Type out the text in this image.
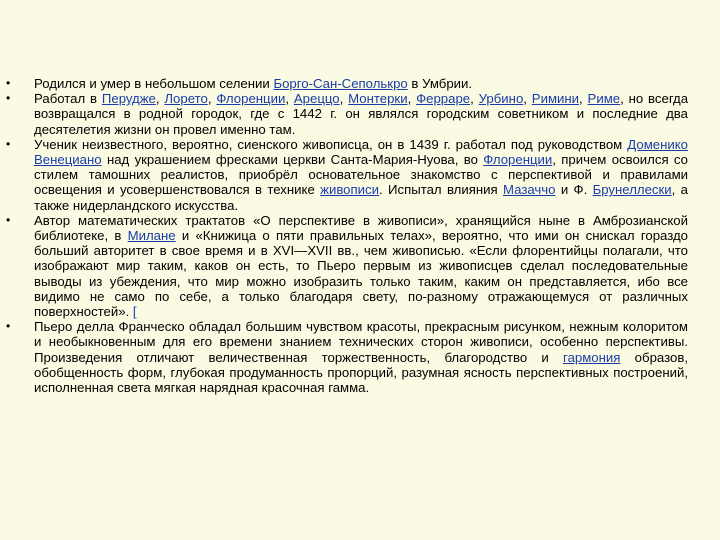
• Родился и умер в небольшом селении Борго-Сан-Сеполькро в Умбрии.
• Работал в Перудже, Лорето, Флоренции, Ареццо, Монтерки, Ферраре, Урбино, Римини, Риме, но всегда возвращался в родной городок, где с 1442 г. он являлся городским советником и последние два десятелетия жизни он провел именно там.
• Ученик неизвестного, вероятно, сиенского живописца, он в 1439 г. работал под руководством Доменико Венециано над украшением фресками церкви Санта-Мария-Нуова, во Флоренции, причем освоился со стилем тамошних реалистов, приобрёл основательное знакомство с перспективой и правилами освещения и усовершенствовался в технике живописи. Испытал влияния Мазаччо и Ф. Брунеллески, а также нидерландского искусства.
• Автор математических трактатов «О перспективе в живописи», хранящийся ныне в Амброзианской библиотеке, в Милане и «Книжица о пяти правильных телах», вероятно, что ими он снискал гораздо больший авторитет в свое время и в XVI—XVII вв., чем живописью. «Если флорентийцы полагали, что изображают мир таким, каков он есть, то Пьеро первым из живописцев сделал последовательные выводы из убеждения, что мир можно изобразить только таким, каким он представляется, ибо все видимо не само по себе, а только благодаря свету, по-разному отражающемуся от различных поверхностей». [
• Пьеро делла Франческо обладал большим чувством красоты, прекрасным рисунком, нежным колоритом и необыкновенным для его времени знанием технических сторон живописи, особенно перспективы. Произведения отличают величественная торжественность, благородство и гармония образов, обобщенность форм, глубокая продуманность пропорций, разумная ясность перспективных построений, исполненная света мягкая нарядная красочная гамма.
